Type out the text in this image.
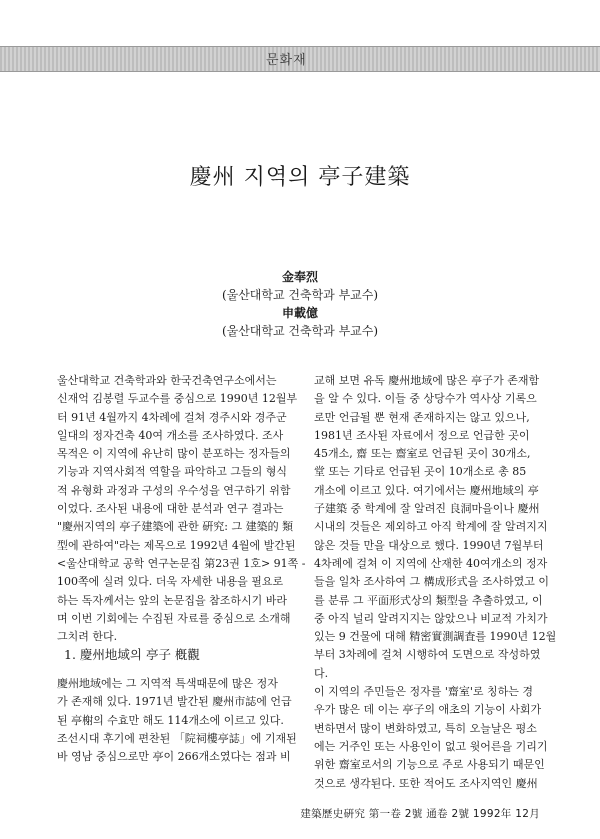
문화재
慶州 지역의 亭子建築
金奉烈
(울산대학교 건축학과 부교수)
申載億
(울산대학교 건축학과 부교수)

울산대학교 건축학과와 한국건축연구소에서는

신재억 김봉렬 두교수를 중심으로 1990년 12월부

터 91년 4월까지 4차례에 걸쳐 경주시와 경주군

일대의 정자건축 40여 개소를 조사하였다. 조사

목적은 이 지역에 유난히 많이 분포하는 정자들의

기능과 지역사회적 역할을 파악하고 그들의 형식

적 유형화 과정과 구성의 우수성을 연구하기 위함

이었다. 조사된 내용에 대한 분석과 연구 결과는

"慶州지역의 亭子建築에 관한 硏究: 그 建築的 類

型에 관하여"라는 제목으로 1992년 4월에 발간된

<울산대학교 공학 연구논문집 第23권 1호> 91쪽 -

100쪽에 실려 있다. 더욱 자세한 내용을 필요로

하는 독자께서는 앞의 논문집을 참조하시기 바라

며 이번 기회에는 수집된 자료를 중심으로 소개해

그치려 한다.

1. 慶州地域의 亭子 槪觀

慶州地域에는 그 지역적 특색때문에 많은 정자

가 존재해 있다. 1971년 발간된 慶州市誌에 언급

된 亭榭의 수효만 해도 114개소에 이르고 있다.

조선시대 후기에 편찬된 「院祠樓亭誌」에 기재된

바 영남 중심으로만 亭이 266개소였다는 점과 비

교해 보면 유독 慶州地域에 많은 亭子가 존재함

을 알 수 있다. 이들 중 상당수가 역사상 기록으

로만 언급될 뿐 현재 존재하지는 않고 있으나,

1981년 조사된 자료에서 정으로 언급한 곳이

45개소, 齋 또는 齋室로 언급된 곳이 30개소,

堂 또는 기타로 언급된 곳이 10개소로 총 85

개소에 이르고 있다. 여기에서는 慶州地域의 亭

子建築 중 학계에 잘 알려진 良洞마을이나 慶州

시내의 것들은 제외하고 아직 학계에 잘 알려지지

않은 것들 만을 대상으로 했다. 1990년 7월부터

4차례에 걸쳐 이 지역에 산재한 40여개소의 정자

들을 일차 조사하여 그 構成形式을 조사하였고 이

를 분류 그 平面形式상의 類型을 추출하였고, 이

중 아직 널리 알려지지는 않았으나 비교적 가치가

있는 9 건물에 대해 精密實測調査를 1990년 12월

부터 3차례에 걸쳐 시행하여 도면으로 작성하였

다.

이 지역의 주민들은 정자를 '齋室'로 칭하는 경

우가 많은 데 이는 亭子의 애초의 기능이 사회가

변하면서 많이 변화하였고, 특히 오늘날은 평소

에는 거주인 또는 사용인이 없고 윗어른을 기리기

위한 齋室로서의 기능으로 주로 사용되기 때문인

것으로 생각된다. 또한 적어도 조사지역인 慶州

建築歷史硏究 第一卷 2號 通卷 2號 1992年 12月
